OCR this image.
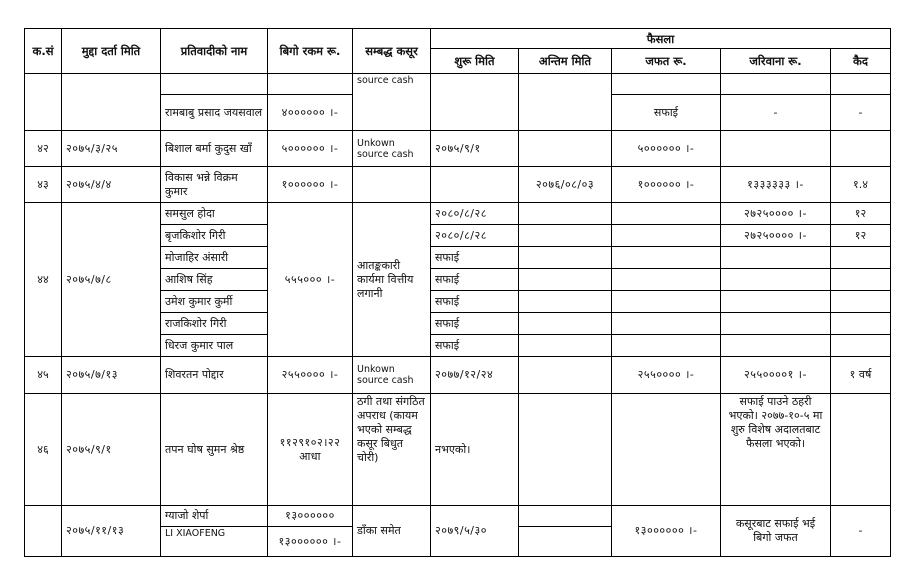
क.सं	मुद्दा दर्ता मिति	प्रतिवादीको नाम	बिगो रकम रू.	सम्बद्ध कसूर	फैसला				
					शुरू मिति	अन्तिम मिति	जफत रू.	जरिवाना रू.	कैद
				source cash					
		रामबाबु प्रसाद जयसवाल	४०००००० ।-				सफाई	-	-
४२	२०७५/३/२५	बिशाल बर्मा कुदुस खाँ	५०००००० ।-	Unkown source cash	२०७५/९/१		५०००००० ।-		
४३	२०७५/४/४	विकास भन्ने विक्रम कुमार	१०००००० ।-			२०७६/०८/०३	१०००००० ।-	१३३३३३३ ।-	१.४
४४	२०७५/७/८	समसुल होदा	५५५००० ।-	आतङ्ककारी कार्यमा वित्तीय लगानी	२०८०/८/२८			२७२५०००० ।-	१२
		बृजकिशोर गिरी			२०८०/८/२८			२७२५०००० ।-	१२
		मोजाहिर अंसारी			सफाई				
		आशिष सिंह			सफाई				
		उमेश कुमार कुर्मी			सफाई				
		राजकिशोर गिरी			सफाई				
		धिरज कुमार पाल			सफाई				
४५	२०७५/७/१३	शिवरतन पोद्दार	२५५०००० ।-	Unkown source cash	२०७७/१२/२४		२५५०००० ।-	२५५००००१ ।-	१ वर्ष
४६	२०७५/९/१	तपन घोष सुमन श्रेष्ठ	११२९१०२।२२ आधा	ठगी तथा संगठित अपराध (कायम भएको सम्बद्ध कसूर बिधुत चोरी)	नभएको।			सफाई पाउने ठहरी भएको। २०७७-१०-५ मा शुरु विशेष अदालतबाट फैसला भएको।	
	२०७५/११/१३	ग्याजो शेर्पा	१३००००००	डाँका समेत	२०७९/५/३०		१३०००००० ।-	कसूरबाट सफाई भई बिगो जफत	-
		LI XIAOFENG	१३०००००० ।-						
